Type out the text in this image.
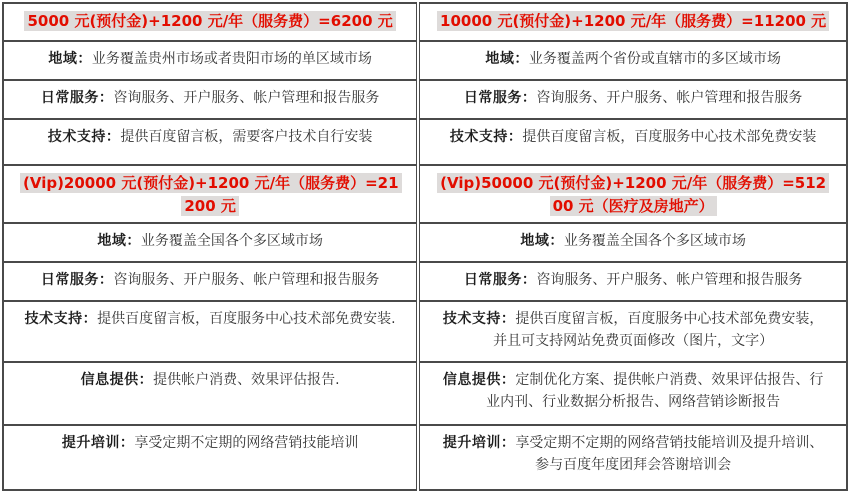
5000 元(预付金)+1200 元/年（服务费）=6200 元	10000 元(预付金)+1200 元/年（服务费）=11200 元
地域：业务覆盖贵州市场或者贵阳市场的单区域市场	地域：业务覆盖两个省份或直辖市的多区域市场
日常服务：咨询服务、开户服务、帐户管理和报告服务	日常服务：咨询服务、开户服务、帐户管理和报告服务
技术支持：提供百度留言板，需要客户技术自行安装	技术支持：提供百度留言板，百度服务中心技术部免费安装
(Vip)20000 元(预付金)+1200 元/年（服务费）=21200 元	(Vip)50000 元(预付金)+1200 元/年（服务费）=51200 元（医疗及房地产）
地域：业务覆盖全国各个多区域市场	地域：业务覆盖全国各个多区域市场
日常服务：咨询服务、开户服务、帐户管理和报告服务	日常服务：咨询服务、开户服务、帐户管理和报告服务
技术支持：提供百度留言板，百度服务中心技术部免费安装.	技术支持：提供百度留言板，百度服务中心技术部免费安装，并且可支持网站免费页面修改（图片，文字）
信息提供：提供帐户消费、效果评估报告.	信息提供：定制优化方案、提供帐户消费、效果评估报告、行业内刊、行业数据分析报告、网络营销诊断报告
提升培训：享受定期不定期的网络营销技能培训	提升培训：享受定期不定期的网络营销技能培训及提升培训、参与百度年度团拜会答谢培训会
